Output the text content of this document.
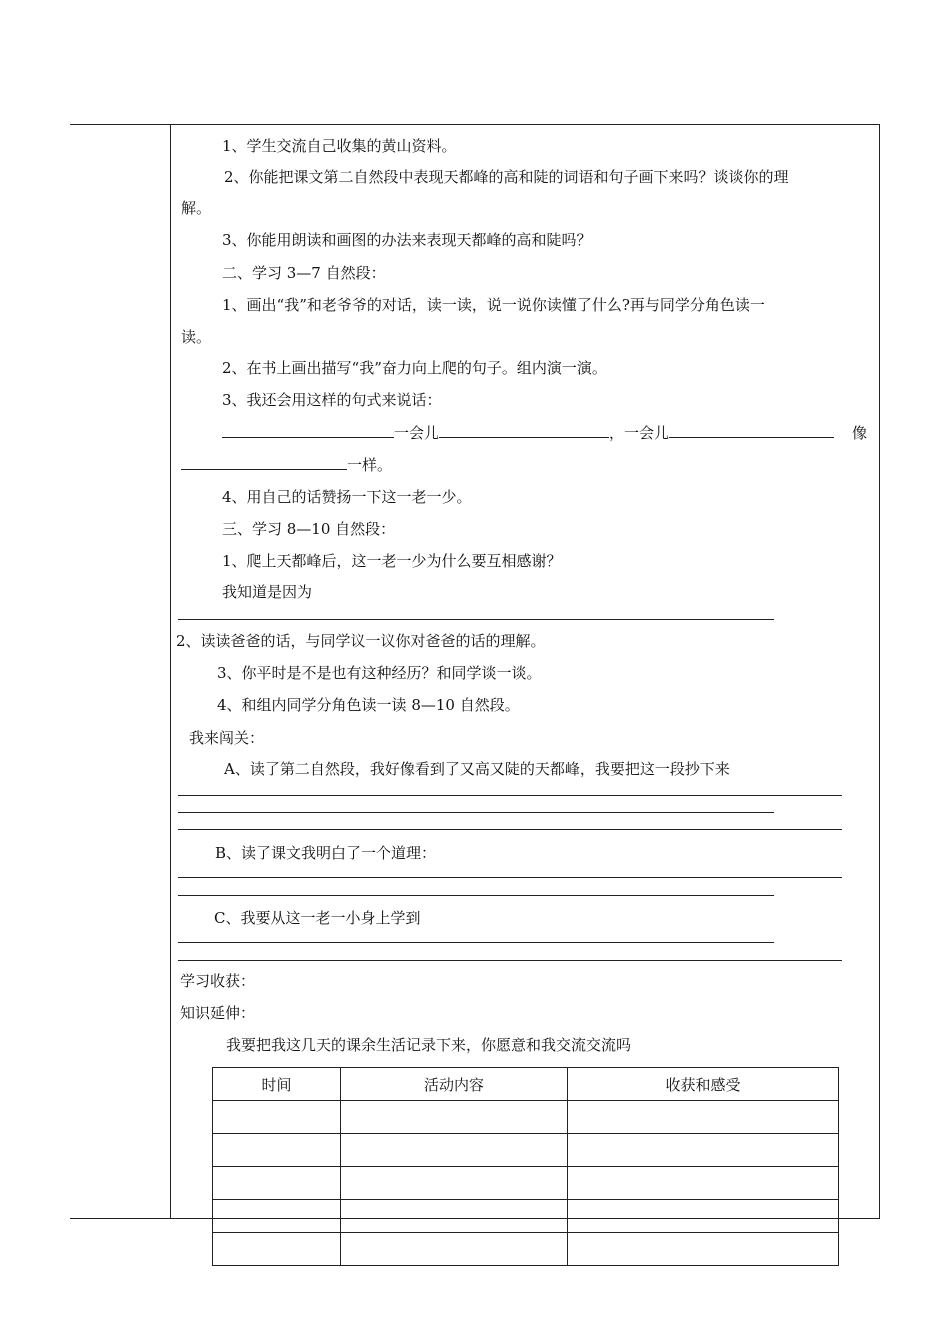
1、学生交流自己收集的黄山资料。
2、你能把课文第二自然段中表现天都峰的高和陡的词语和句子画下来吗？谈谈你的理
解。
3、你能用朗读和画图的办法来表现天都峰的高和陡吗？
二、学习 3—7 自然段：
1、画出“我”和老爷爷的对话，读一读，说一说你读懂了什么?再与同学分角色读一
读。
2、在书上画出描写“我”奋力向上爬的句子。组内演一演。
3、我还会用这样的句式来说话：
一会儿	，一会儿	像
一样。
4、用自己的话赞扬一下这一老一少。
三、学习 8—10 自然段：
1、爬上天都峰后，这一老一少为什么要互相感谢？
我知道是因为
2、读读爸爸的话，与同学议一议你对爸爸的话的理解。
3、你平时是不是也有这种经历？和同学谈一谈。
4、和组内同学分角色读一读 8—10 自然段。
我来闯关：
A、读了第二自然段，我好像看到了又高又陡的天都峰，我要把这一段抄下来
B、读了课文我明白了一个道理：
C、我要从这一老一小身上学到
学习收获：
知识延伸：
我要把我这几天的课余生活记录下来，你愿意和我交流交流吗
时间	活动内容	收获和感受
